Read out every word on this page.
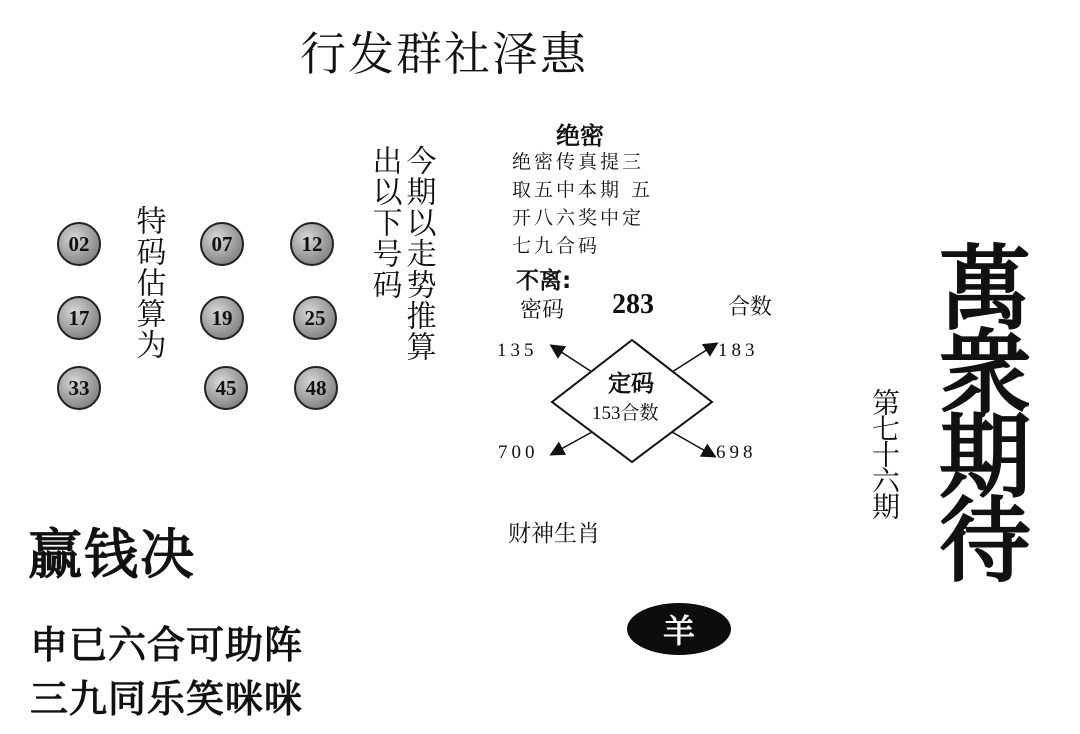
行发群社泽惠
02	07	12
17	19	25
33	45	48
特码估算为	今期以走势推算
出以下号码
绝密
绝密传真提三
取五中本期 五
开八六奖中定
七九合码
不离:
密码 283	合数
135	183
700	698
定码
153合数
财神生肖
羊
赢钱决
申已六合可助阵
三九同乐笑咪咪
第七十六期 萬衆期待
